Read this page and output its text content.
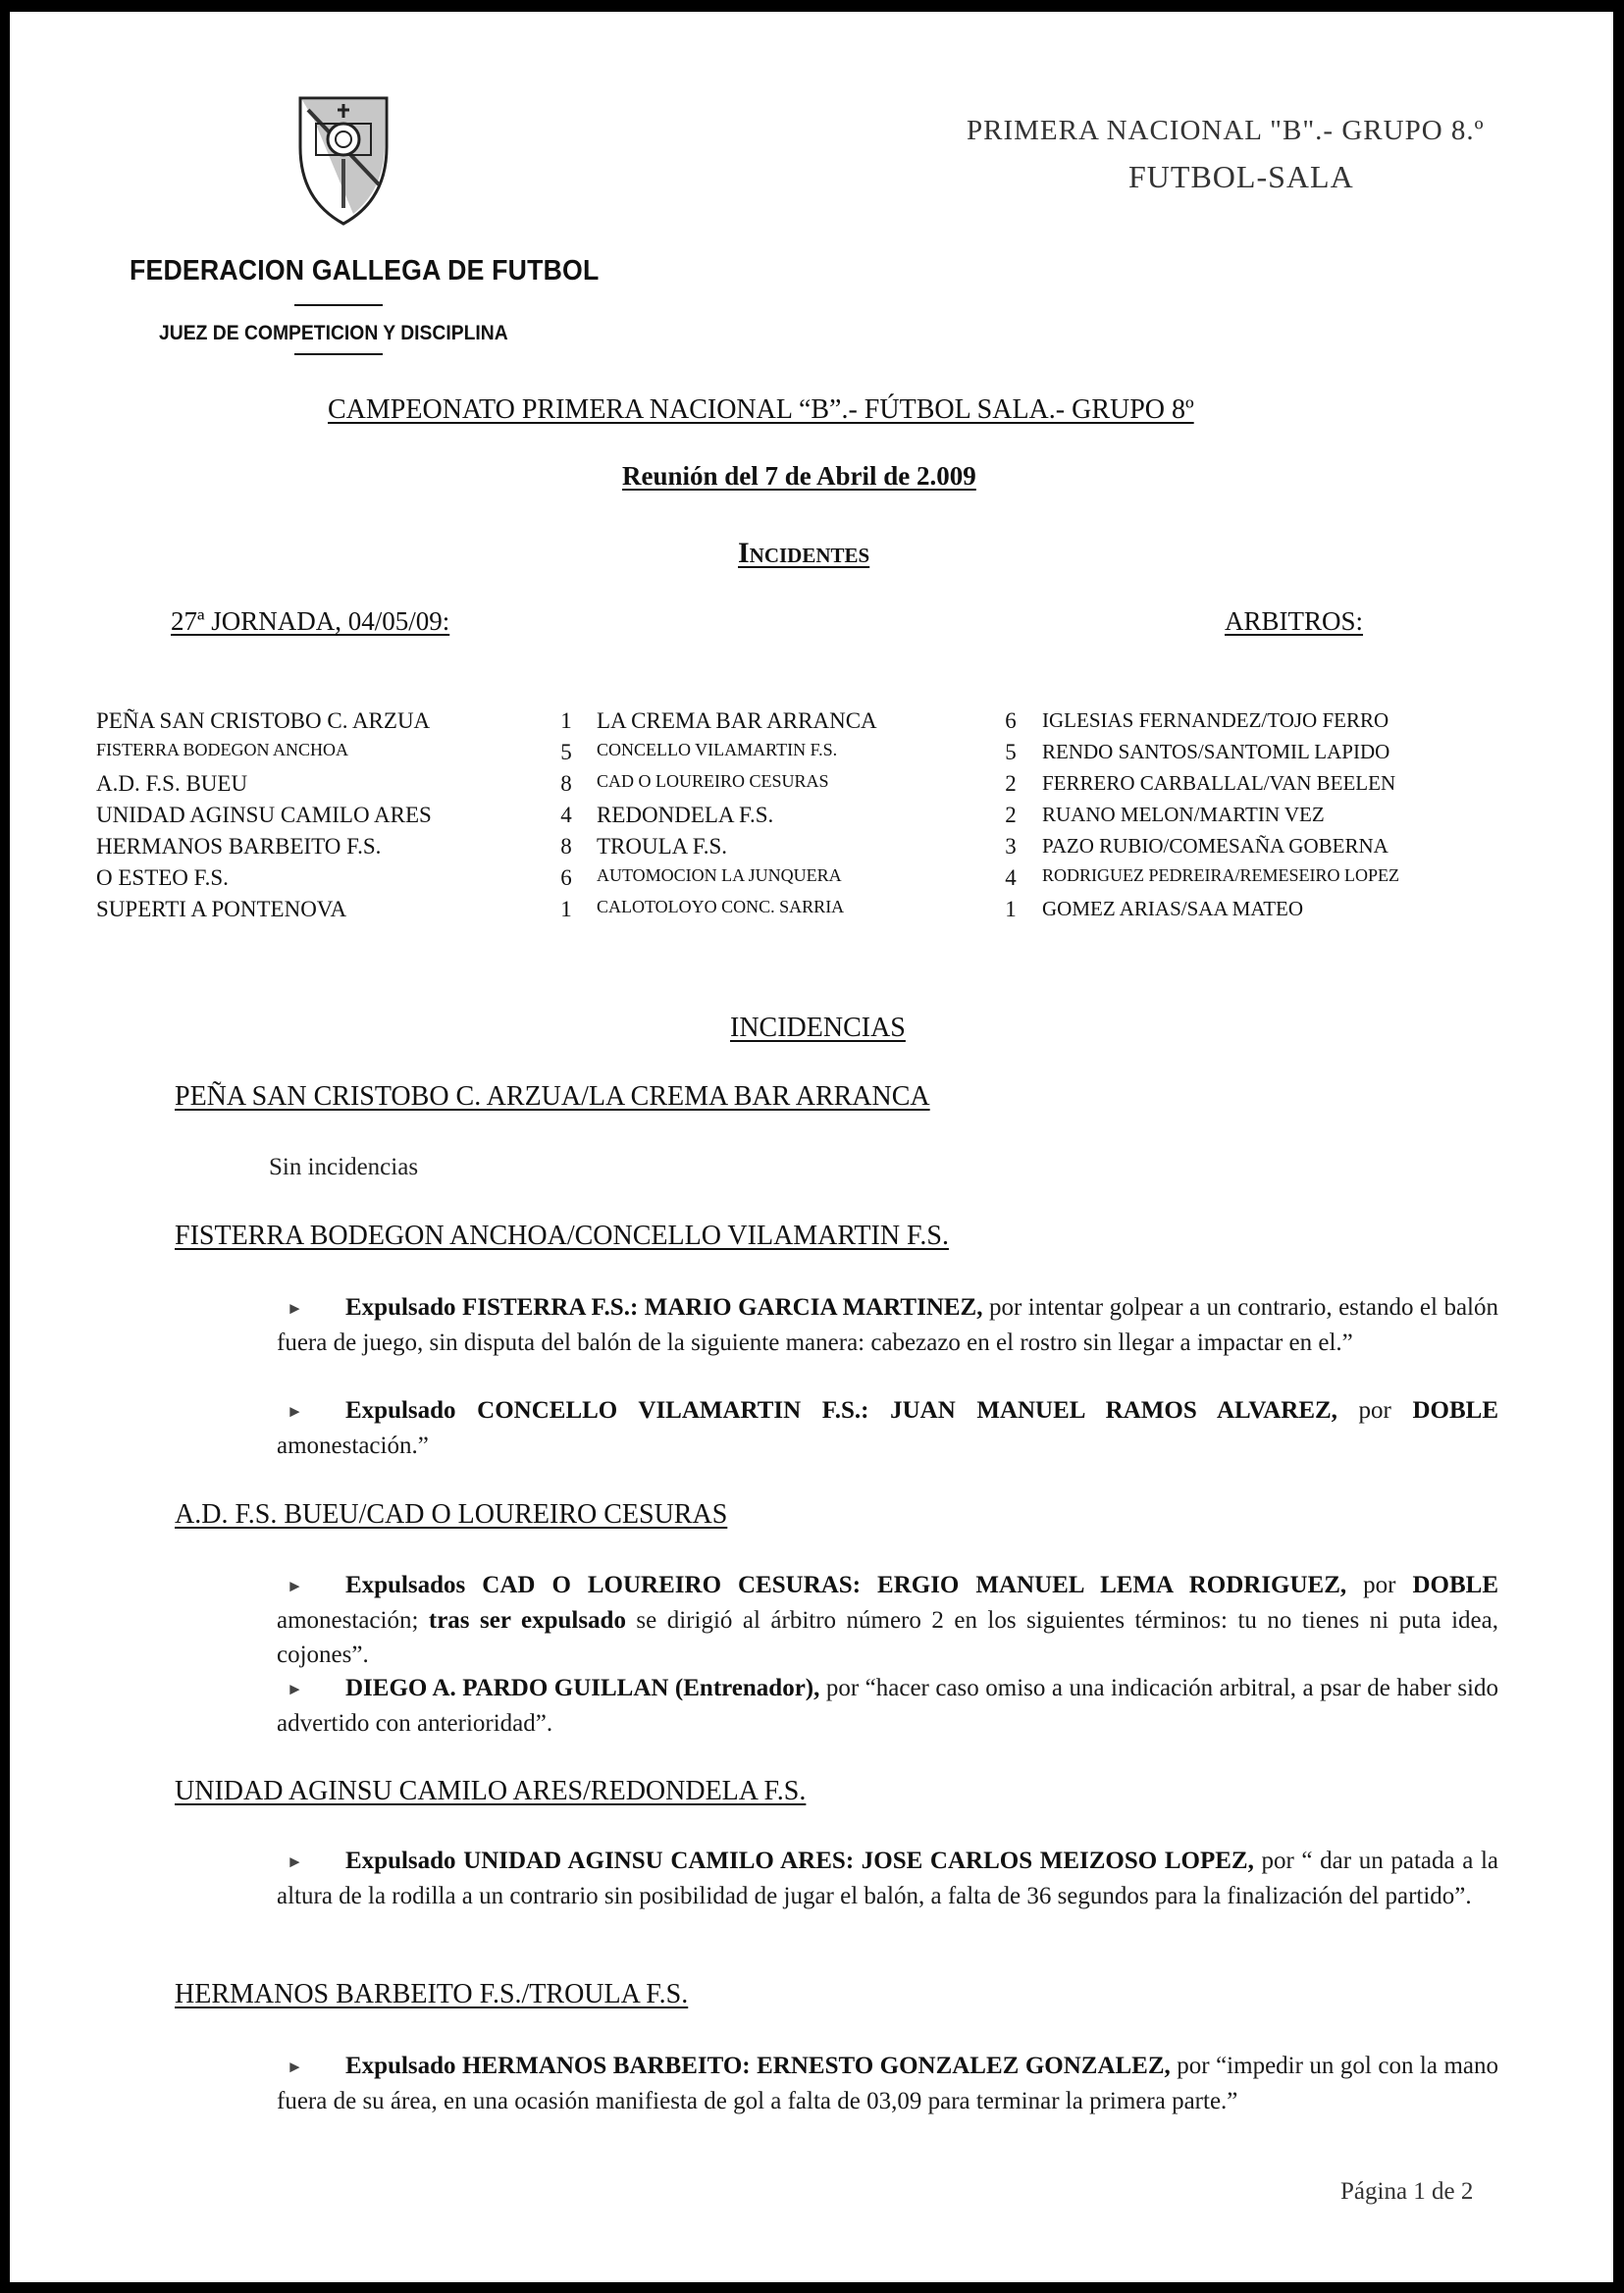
FEDERACION GALLEGA DE FUTBOL
JUEZ DE COMPETICION Y DISCIPLINA
PRIMERA NACIONAL "B".- GRUPO 8.º
FUTBOL-SALA
CAMPEONATO PRIMERA NACIONAL “B”.- FÚTBOL SALA.- GRUPO 8º
Reunión del 7 de Abril de 2.009
Incidentes
27ª JORNADA, 04/05/09:	ARBITROS:
PEÑA SAN CRISTOBO C. ARZUA	1	LA CREMA BAR ARRANCA	6	IGLESIAS FERNANDEZ/TOJO FERRO
FISTERRA BODEGON ANCHOA	5	CONCELLO VILAMARTIN F.S.	5	RENDO SANTOS/SANTOMIL LAPIDO
A.D. F.S. BUEU	8	CAD O LOUREIRO CESURAS	2	FERRERO CARBALLAL/VAN BEELEN
UNIDAD AGINSU CAMILO ARES	4	REDONDELA F.S.	2	RUANO MELON/MARTIN VEZ
HERMANOS BARBEITO F.S.	8	TROULA F.S.	3	PAZO RUBIO/COMESAÑA GOBERNA
O ESTEO F.S.	6	AUTOMOCION LA JUNQUERA	4	RODRIGUEZ PEDREIRA/REMESEIRO LOPEZ
SUPERTI A PONTENOVA	1	CALOTOLOYO CONC. SARRIA	1	GOMEZ ARIAS/SAA MATEO
INCIDENCIAS
PEÑA SAN CRISTOBO C. ARZUA/LA CREMA BAR ARRANCA
Sin incidencias
FISTERRA BODEGON ANCHOA/CONCELLO VILAMARTIN F.S.
► Expulsado FISTERRA F.S.: MARIO GARCIA MARTINEZ, por intentar golpear a un contrario, estando el balón fuera de juego, sin disputa del balón de la siguiente manera: cabezazo en el rostro sin llegar a impactar en el.”
► Expulsado CONCELLO VILAMARTIN F.S.: JUAN MANUEL RAMOS ALVAREZ, por DOBLE amonestación.”
A.D. F.S. BUEU/CAD O LOUREIRO CESURAS
► Expulsados CAD O LOUREIRO CESURAS: ERGIO MANUEL LEMA RODRIGUEZ, por DOBLE amonestación; tras ser expulsado se dirigió al árbitro número 2 en los siguientes términos: tu no tienes ni puta idea, cojones”.
► DIEGO A. PARDO GUILLAN (Entrenador), por “hacer caso omiso a una indicación arbitral, a psar de haber sido advertido con anterioridad”.
UNIDAD AGINSU CAMILO ARES/REDONDELA F.S.
► Expulsado UNIDAD AGINSU CAMILO ARES: JOSE CARLOS MEIZOSO LOPEZ, por “ dar un patada a la altura de la rodilla a un contrario sin posibilidad de jugar el balón, a falta de 36 segundos para la finalización del partido”.
HERMANOS BARBEITO F.S./TROULA F.S.
► Expulsado HERMANOS BARBEITO: ERNESTO GONZALEZ GONZALEZ, por “impedir un gol con la mano fuera de su área, en una ocasión manifiesta de gol a falta de 03,09 para terminar la primera parte.”
Página 1 de 2
